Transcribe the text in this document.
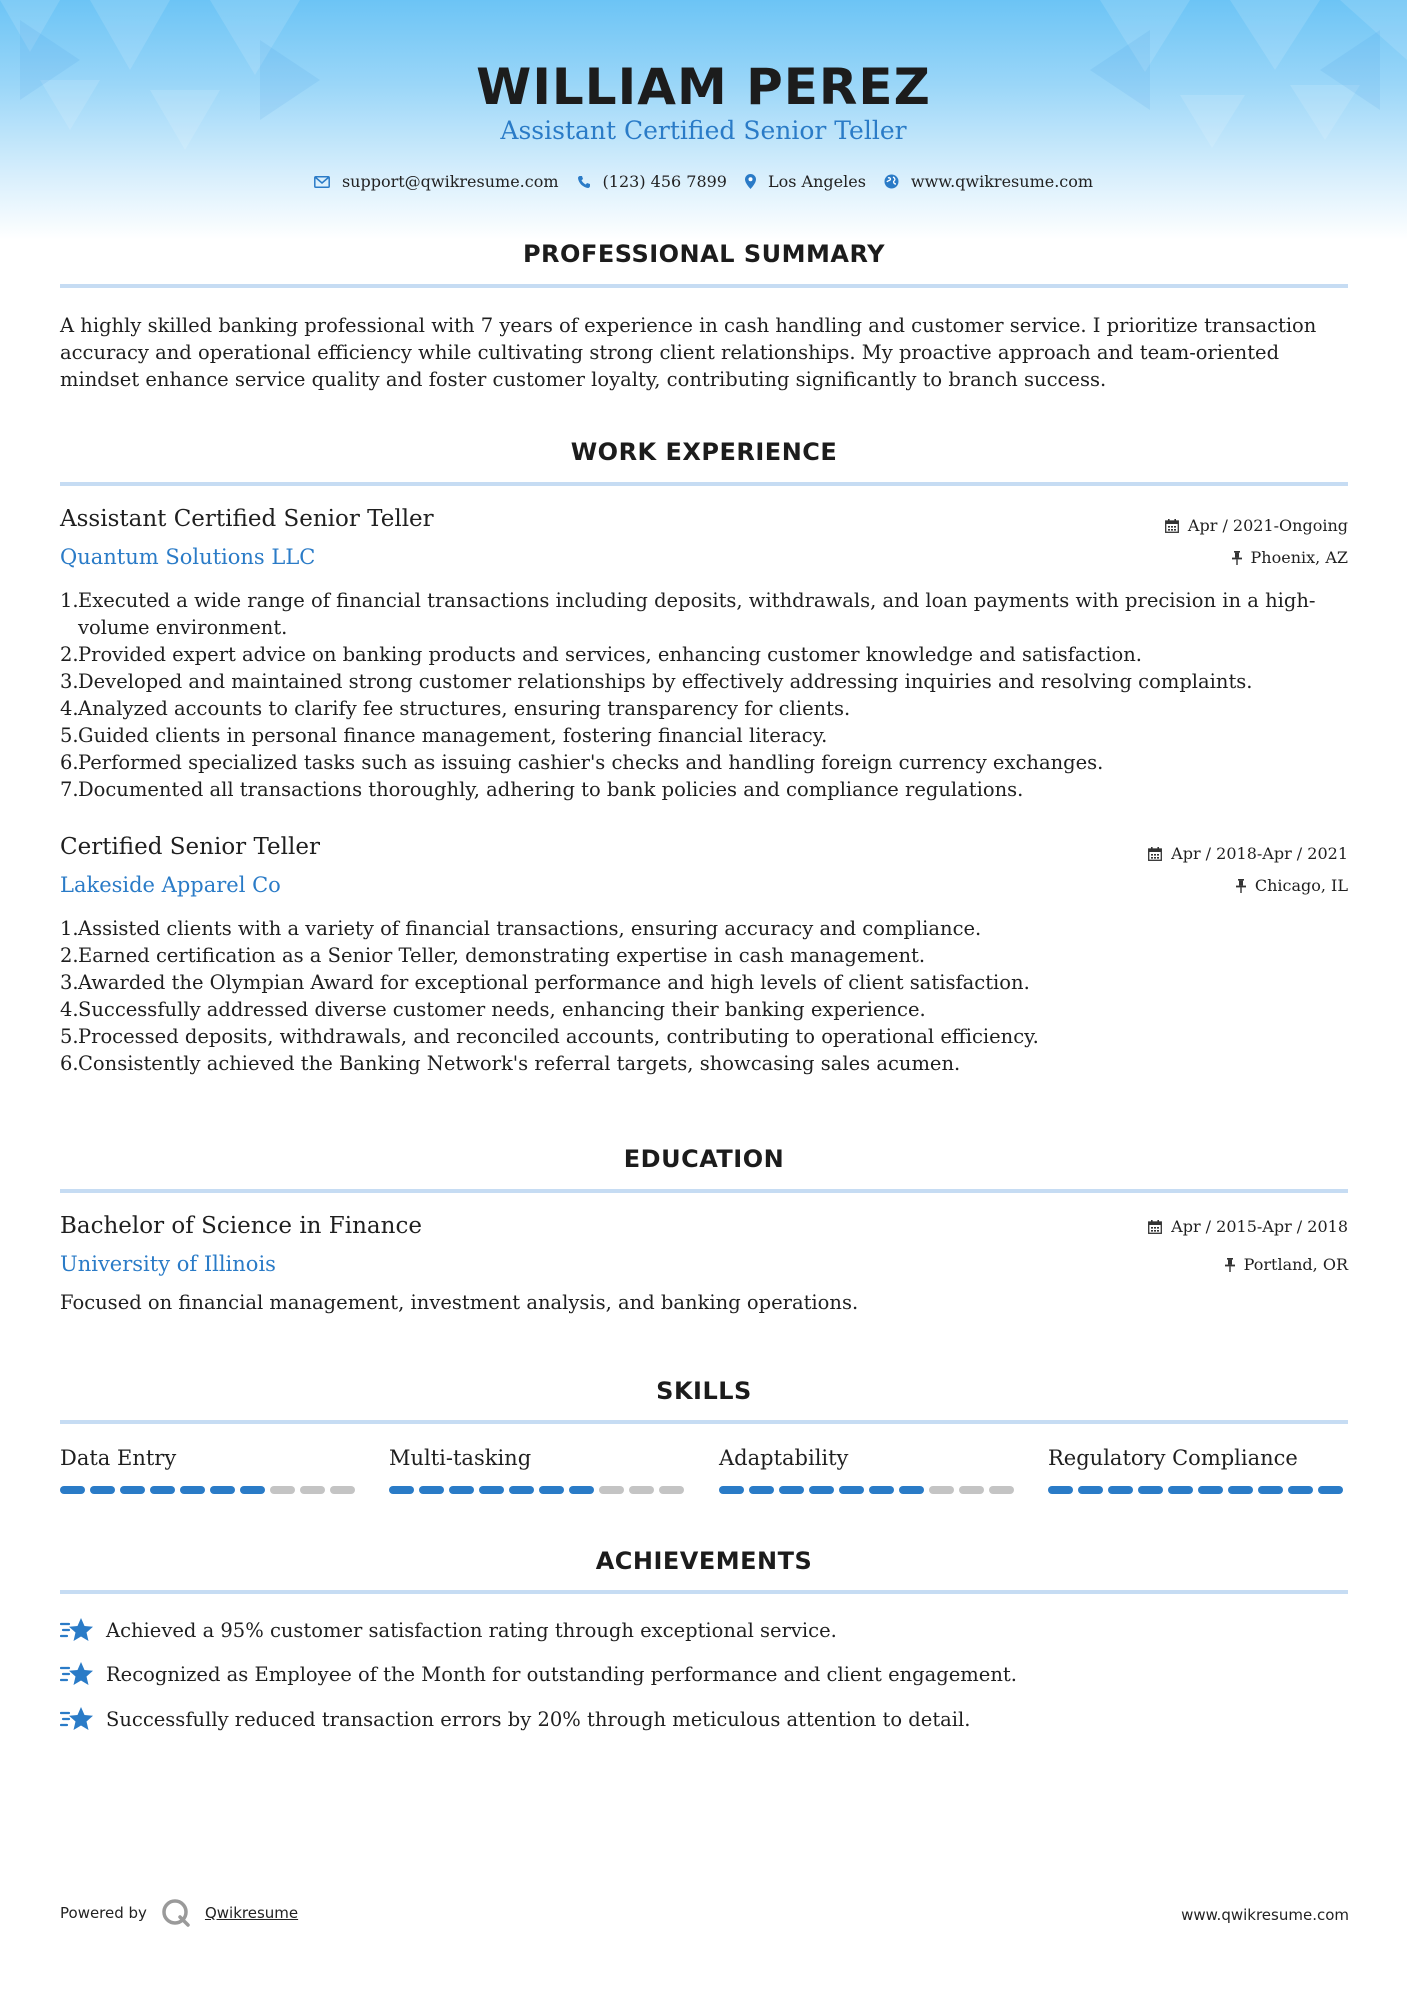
WILLIAM PEREZ
Assistant Certified Senior Teller
support@qwikresume.com	(123) 456 7899	Los Angeles	www.qwikresume.com
PROFESSIONAL SUMMARY
A highly skilled banking professional with 7 years of experience in cash handling and customer service. I prioritize transaction
accuracy and operational efficiency while cultivating strong client relationships. My proactive approach and team-oriented
mindset enhance service quality and foster customer loyalty, contributing significantly to branch success.
WORK EXPERIENCE
Assistant Certified Senior Teller	Apr / 2021-Ongoing
Quantum Solutions LLC	Phoenix, AZ
1. Executed a wide range of financial transactions including deposits, withdrawals, and loan payments with precision in a high-
volume environment.
2. Provided expert advice on banking products and services, enhancing customer knowledge and satisfaction.
3. Developed and maintained strong customer relationships by effectively addressing inquiries and resolving complaints.
4. Analyzed accounts to clarify fee structures, ensuring transparency for clients.
5. Guided clients in personal finance management, fostering financial literacy.
6. Performed specialized tasks such as issuing cashier's checks and handling foreign currency exchanges.
7. Documented all transactions thoroughly, adhering to bank policies and compliance regulations.
Certified Senior Teller	Apr / 2018-Apr / 2021
Lakeside Apparel Co	Chicago, IL
1. Assisted clients with a variety of financial transactions, ensuring accuracy and compliance.
2. Earned certification as a Senior Teller, demonstrating expertise in cash management.
3. Awarded the Olympian Award for exceptional performance and high levels of client satisfaction.
4. Successfully addressed diverse customer needs, enhancing their banking experience.
5. Processed deposits, withdrawals, and reconciled accounts, contributing to operational efficiency.
6. Consistently achieved the Banking Network's referral targets, showcasing sales acumen.
EDUCATION
Bachelor of Science in Finance	Apr / 2015-Apr / 2018
University of Illinois	Portland, OR
Focused on financial management, investment analysis, and banking operations.
SKILLS
Data Entry	Multi-tasking	Adaptability	Regulatory Compliance
ACHIEVEMENTS
Achieved a 95% customer satisfaction rating through exceptional service.
Recognized as Employee of the Month for outstanding performance and client engagement.
Successfully reduced transaction errors by 20% through meticulous attention to detail.
Powered by	Qwikresume	www.qwikresume.com
